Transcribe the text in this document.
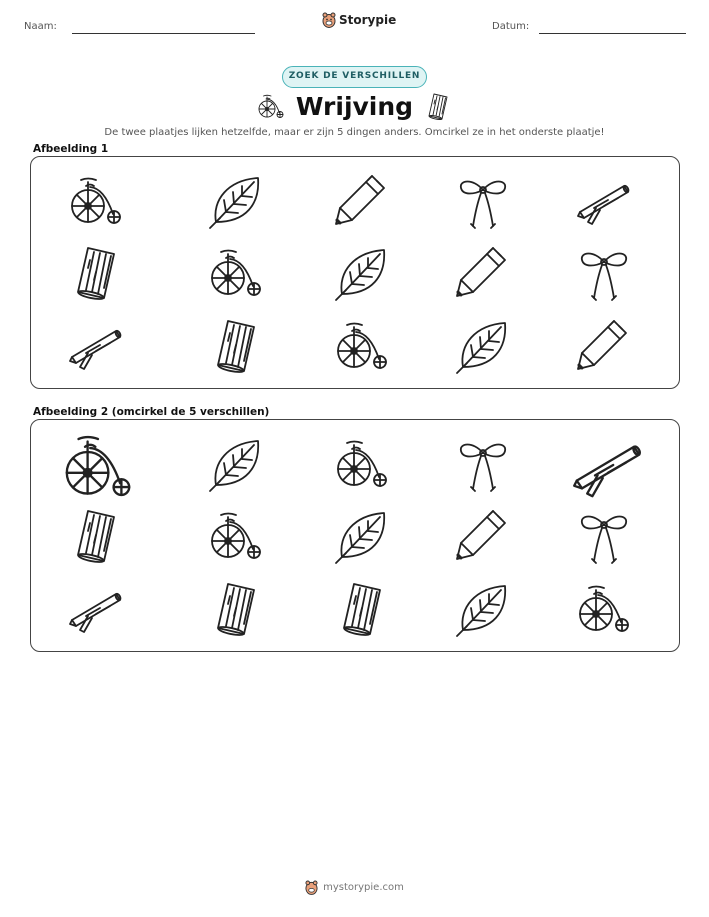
Naam:	Storypie	Datum:
ZOEK DE VERSCHILLEN
Wrijving
De twee plaatjes lijken hetzelfde, maar er zijn 5 dingen anders. Omcirkel ze in het onderste plaatje!
Afbeelding 1
Afbeelding 2 (omcirkel de 5 verschillen)
mystorypie.com
